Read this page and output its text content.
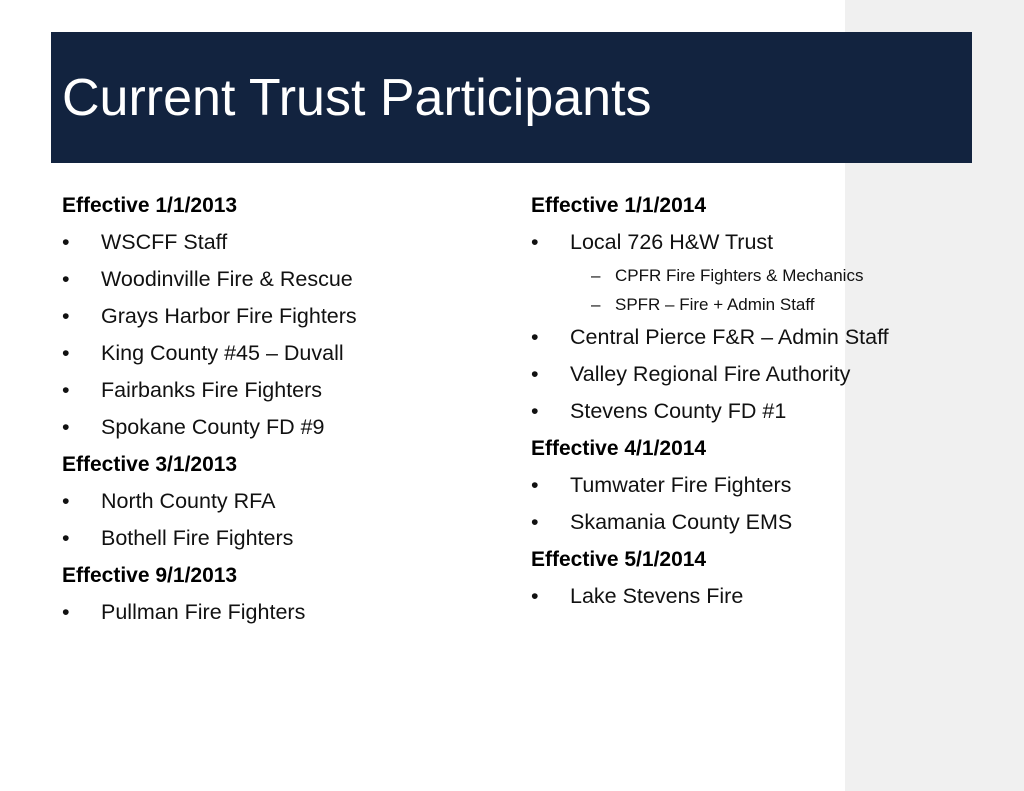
Current Trust Participants
Effective 1/1/2013
•	WSCFF Staff
•	Woodinville Fire & Rescue
•	Grays Harbor Fire Fighters
•	King County #45 – Duvall
•	Fairbanks Fire Fighters
•	Spokane County FD #9
Effective 3/1/2013
•	North County RFA
•	Bothell Fire Fighters
Effective 9/1/2013
•	Pullman Fire Fighters
Effective 1/1/2014
•	Local 726 H&W Trust
– CPFR Fire Fighters & Mechanics
– SPFR – Fire + Admin Staff
•	Central Pierce F&R – Admin Staff
•	Valley Regional Fire Authority
•	Stevens County FD #1
Effective 4/1/2014
•	Tumwater Fire Fighters
•	Skamania County EMS
Effective 5/1/2014
•	Lake Stevens Fire
